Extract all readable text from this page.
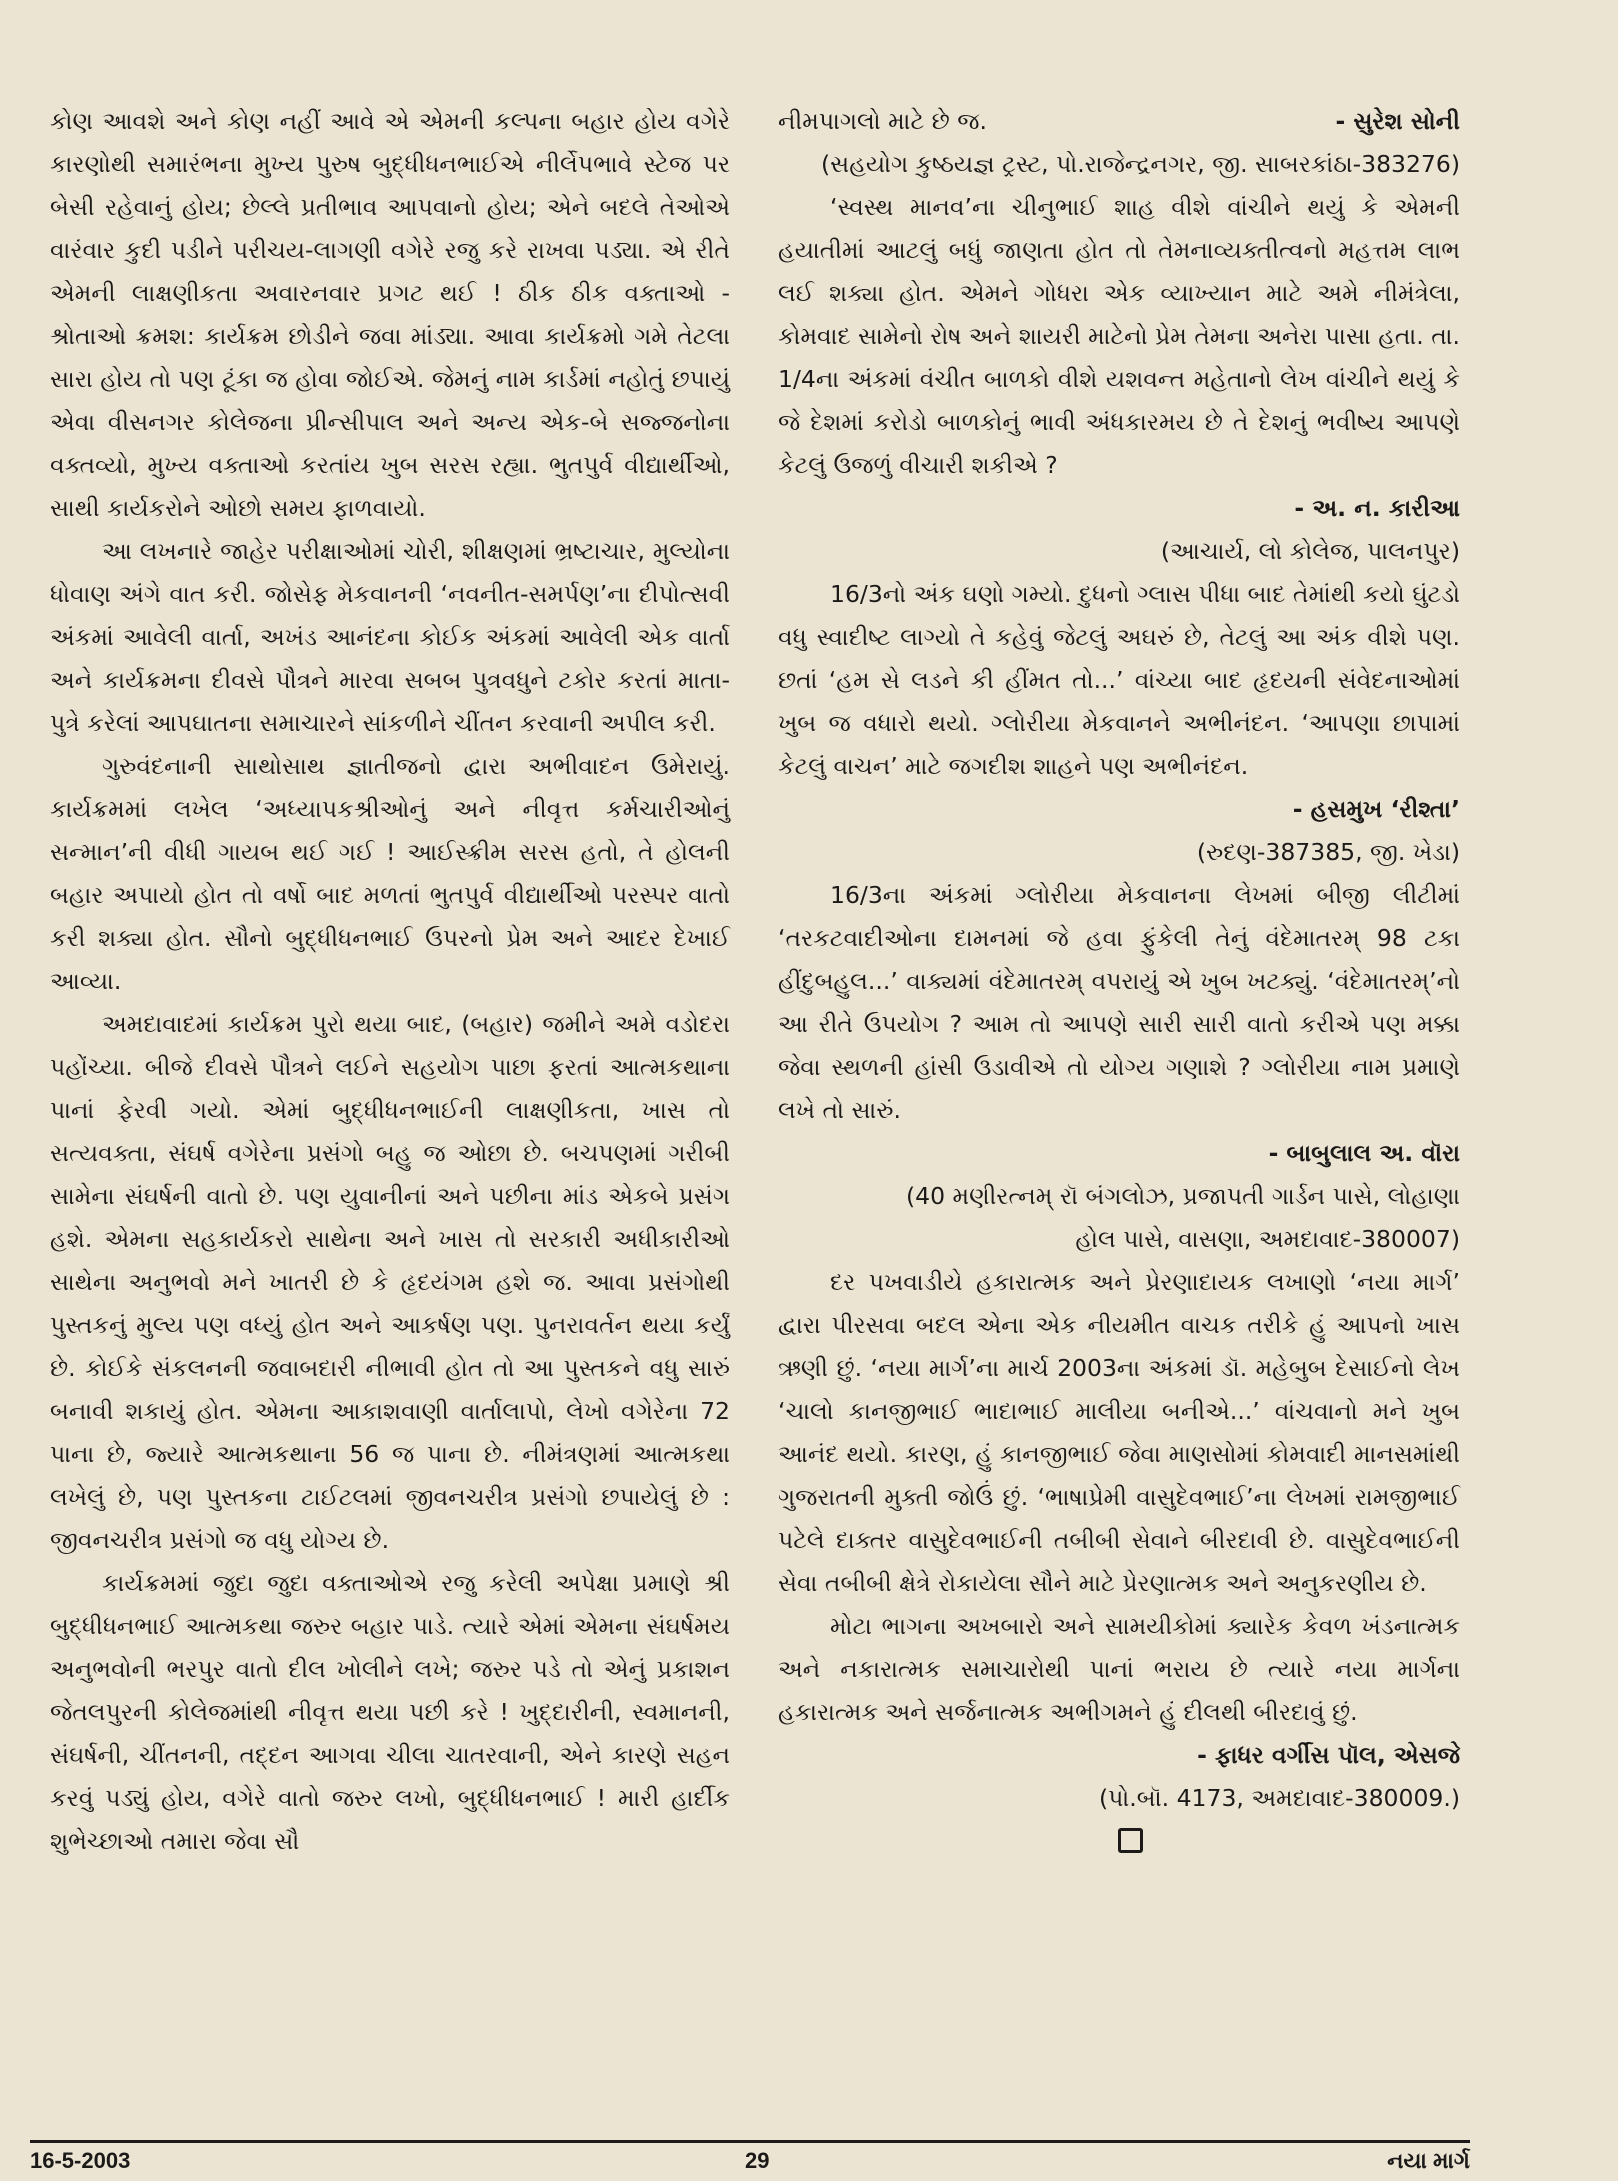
કોણ આવશે અને કોણ નહીં આવે એ એમની કલ્પના બહાર હોય વગેરે કારણોથી સમારંભના મુખ્ય પુરુષ બુદ્ધીધનભાઈએ નીર્લેપભાવે સ્ટેજ પર બેસી રહેવાનું હોય; છેલ્લે પ્રતીભાવ આપવાનો હોય; એને બદલે તેઓએ વારંવાર કુદી પડીને પરીચય-લાગણી વગેરે રજુ કરે રાખવા પડ્યા. એ રીતે એમની લાક્ષણીકતા અવારનવાર પ્રગટ થઈ ! ઠીક ઠીક વક્તાઓ - શ્રોતાઓ ક્રમશ: કાર્યક્રમ છોડીને જવા માંડ્યા. આવા કાર્યક્રમો ગમે તેટલા સારા હોય તો પણ ટૂંકા જ હોવા જોઈએ. જેમનું નામ કાર્ડમાં નહોતું છપાયું એવા વીસનગર કોલેજના પ્રીન્સીપાલ અને અન્ય એક-બે સજ્જનોના વક્તવ્યો, મુખ્ય વક્તાઓ કરતાંય ખુબ સરસ રહ્યા. ભુતપુર્વ વીદ્યાર્થીઓ, સાથી કાર્યકરોને ઓછો સમય ફાળવાયો.

આ લખનારે જાહેર પરીક્ષાઓમાં ચોરી, શીક્ષણમાં ભ્રષ્ટાચાર, મુલ્યોના ધોવાણ અંગે વાત કરી. જોસેફ મેકવાનની ‘નવનીત-સમર્પણ’ના દીપોત્સવી અંકમાં આવેલી વાર્તા, અખંડ આનંદના કોઈક અંકમાં આવેલી એક વાર્તા અને કાર્યક્રમના દીવસે પૌત્રને મારવા સબબ પુત્રવધુને ટકોર કરતાં માતા-પુત્રે કરેલાં આપઘાતના સમાચારને સાંકળીને ચીંતન કરવાની અપીલ કરી.

ગુરુવંદનાની સાથોસાથ જ્ઞાતીજનો દ્વારા અભીવાદન ઉમેરાયું. કાર્યક્રમમાં લખેલ ‘અધ્યાપકશ્રીઓનું અને નીવૃત્ત કર્મચારીઓનું સન્માન’ની વીધી ગાયબ થઈ ગઈ ! આઈસ્ક્રીમ સરસ હતો, તે હોલની બહાર અપાયો હોત તો વર્ષો બાદ મળતાં ભુતપુર્વ વીદ્યાર્થીઓ પરસ્પર વાતો કરી શક્યા હોત. સૌનો બુદ્ધીધનભાઈ ઉપરનો પ્રેમ અને આદર દેખાઈ આવ્યા.

અમદાવાદમાં કાર્યક્રમ પુરો થયા બાદ, (બહાર) જમીને અમે વડોદરા પહોંચ્યા. બીજે દીવસે પૌત્રને લઈને સહયોગ પાછા ફરતાં આત્મકથાના પાનાં ફેરવી ગયો. એમાં બુદ્ધીધનભાઈની લાક્ષણીકતા, ખાસ તો સત્યવક્તા, સંઘર્ષ વગેરેના પ્રસંગો બહુ જ ઓછા છે. બચપણમાં ગરીબી સામેના સંઘર્ષની વાતો છે. પણ યુવાનીનાં અને પછીના માંડ એકબે પ્રસંગ હશે. એમના સહકાર્યકરો સાથેના અને ખાસ તો સરકારી અધીકારીઓ સાથેના અનુભવો મને ખાતરી છે કે હૃદયંગમ હશે જ. આવા પ્રસંગોથી પુસ્તકનું મુલ્ય પણ વધ્યું હોત અને આકર્ષણ પણ. પુનરાવર્તન થયા કર્યું છે. કોઈકે સંકલનની જવાબદારી નીભાવી હોત તો આ પુસ્તકને વધુ સારું બનાવી શકાયું હોત. એમના આકાશવાણી વાર્તાલાપો, લેખો વગેરેના 72 પાના છે, જ્યારે આત્મકથાના 56 જ પાના છે. નીમંત્રણમાં આત્મકથા લખેલું છે, પણ પુસ્તકના ટાઈટલમાં જીવનચરીત્ર પ્રસંગો છપાયેલું છે : જીવનચરીત્ર પ્રસંગો જ વધુ યોગ્ય છે.

કાર્યક્રમમાં જુદા જુદા વક્તાઓએ રજુ કરેલી અપેક્ષા પ્રમાણે શ્રી બુદ્ધીધનભાઈ આત્મકથા જરુર બહાર પાડે. ત્યારે એમાં એમના સંઘર્ષમય અનુભવોની ભરપુર વાતો દીલ ખોલીને લખે; જરુર પડે તો એનું પ્રકાશન જેતલપુરની કોલેજમાંથી નીવૃત્ત થયા પછી કરે ! ખુદ્દારીની, સ્વમાનની, સંઘર્ષની, ચીંતનની, તદ્દન આગવા ચીલા ચાતરવાની, એને કારણે સહન કરવું પડ્યું હોય, વગેરે વાતો જરુર લખો, બુદ્ધીધનભાઈ ! મારી હાર્દીક શુભેચ્છાઓ તમારા જેવા સૌ

નીમપાગલો માટે છે જ.	- સુરેશ સોની

(સહયોગ કુષ્ઠયજ્ઞ ટ્રસ્ટ, પો.રાજેન્દ્રનગર, જી. સાબરકાંઠા-383276)

‘સ્વસ્થ માનવ’ના ચીનુભાઈ શાહ વીશે વાંચીને થયું કે એમની હયાતીમાં આટલું બધું જાણતા હોત તો તેમનાવ્યક્તીત્વનો મહત્તમ લાભ લઈ શક્યા હોત. એમને ગોધરા એક વ્યાખ્યાન માટે અમે નીમંત્રેલા, કોમવાદ સામેનો રોષ અને શાયરી માટેનો પ્રેમ તેમના અનેરા પાસા હતા. તા. 1/4ના અંકમાં વંચીત બાળકો વીશે યશવન્ત મહેતાનો લેખ વાંચીને થયું કે જે દેશમાં કરોડો બાળકોનું ભાવી અંધકારમય છે તે દેશનું ભવીષ્ય આપણે કેટલું ઉજળું વીચારી શકીએ ?

- અ. ન. કારીઆ

(આચાર્ય, લો કોલેજ, પાલનપુર)

16/3નો અંક ઘણો ગમ્યો. દુધનો ગ્લાસ પીધા બાદ તેમાંથી કયો ઘુંટડો વધુ સ્વાદીષ્ટ લાગ્યો તે કહેવું જેટલું અઘરું છે, તેટલું આ અંક વીશે પણ. છતાં ‘હમ સે લડને કી હીંમત તો...’ વાંચ્યા બાદ હૃદયની સંવેદનાઓમાં ખુબ જ વધારો થયો. ગ્લોરીયા મેકવાનને અભીનંદન. ‘આપણા છાપામાં કેટલું વાચન’ માટે જગદીશ શાહને પણ અભીનંદન.

- હસમુખ ‘રીશ્તા’

(રુદણ-387385, જી. ખેડા)

16/3ના અંકમાં ગ્લોરીયા મેકવાનના લેખમાં બીજી લીટીમાં ‘તરકટવાદીઓના દામનમાં જે હવા ફુંકેલી તેનું વંદેમાતરમ્ 98 ટકા હીંદુબહુલ...’ વાક્યમાં વંદેમાતરમ્ વપરાયું એ ખુબ ખટક્યું. ‘વંદેમાતરમ્’નો આ રીતે ઉપયોગ ? આમ તો આપણે સારી સારી વાતો કરીએ પણ મક્કા જેવા સ્થળની હાંસી ઉડાવીએ તો યોગ્ય ગણાશે ? ગ્લોરીયા નામ પ્રમાણે લખે તો સારું.

- બાબુલાલ અ. વૉરા

(40 મણીરત્નમ્ રૉ બંગલોઝ, પ્રજાપતી ગાર્ડન પાસે, લોહાણા

હોલ પાસે, વાસણા, અમદાવાદ-380007)

દર પખવાડીયે હકારાત્મક અને પ્રેરણાદાયક લખાણો ‘નયા માર્ગ’ દ્વારા પીરસવા બદલ એના એક નીયમીત વાચક તરીકે હું આપનો ખાસ ઋણી છું. ‘નયા માર્ગ’ના માર્ચ 2003ના અંકમાં ડૉ. મહેબુબ દેસાઈનો લેખ ‘ચાલો કાનજીભાઈ ભાદાભાઈ માલીયા બનીએ...’ વાંચવાનો મને ખુબ આનંદ થયો. કારણ, હું કાનજીભાઈ જેવા માણસોમાં કોમવાદી માનસમાંથી ગુજરાતની મુક્તી જોઉં છું. ‘ભાષાપ્રેમી વાસુદેવભાઈ’ના લેખમાં રામજીભાઈ પટેલે દાક્તર વાસુદેવભાઈની તબીબી સેવાને બીરદાવી છે. વાસુદેવભાઈની સેવા તબીબી ક્ષેત્રે રોકાયેલા સૌને માટે પ્રેરણાત્મક અને અનુકરણીય છે.

મોટા ભાગના અખબારો અને સામયીકોમાં ક્યારેક કેવળ ખંડનાત્મક અને નકારાત્મક સમાચારોથી પાનાં ભરાય છે ત્યારે નયા માર્ગના હકારાત્મક અને સર્જનાત્મક અભીગમને હું દીલથી બીરદાવું છું.

- ફાધર વર્ગીસ પૉલ, એસજે

(પો.બૉ. 4173, અમદાવાદ-380009.)

16-5-2003	29	નયા માર્ગ
